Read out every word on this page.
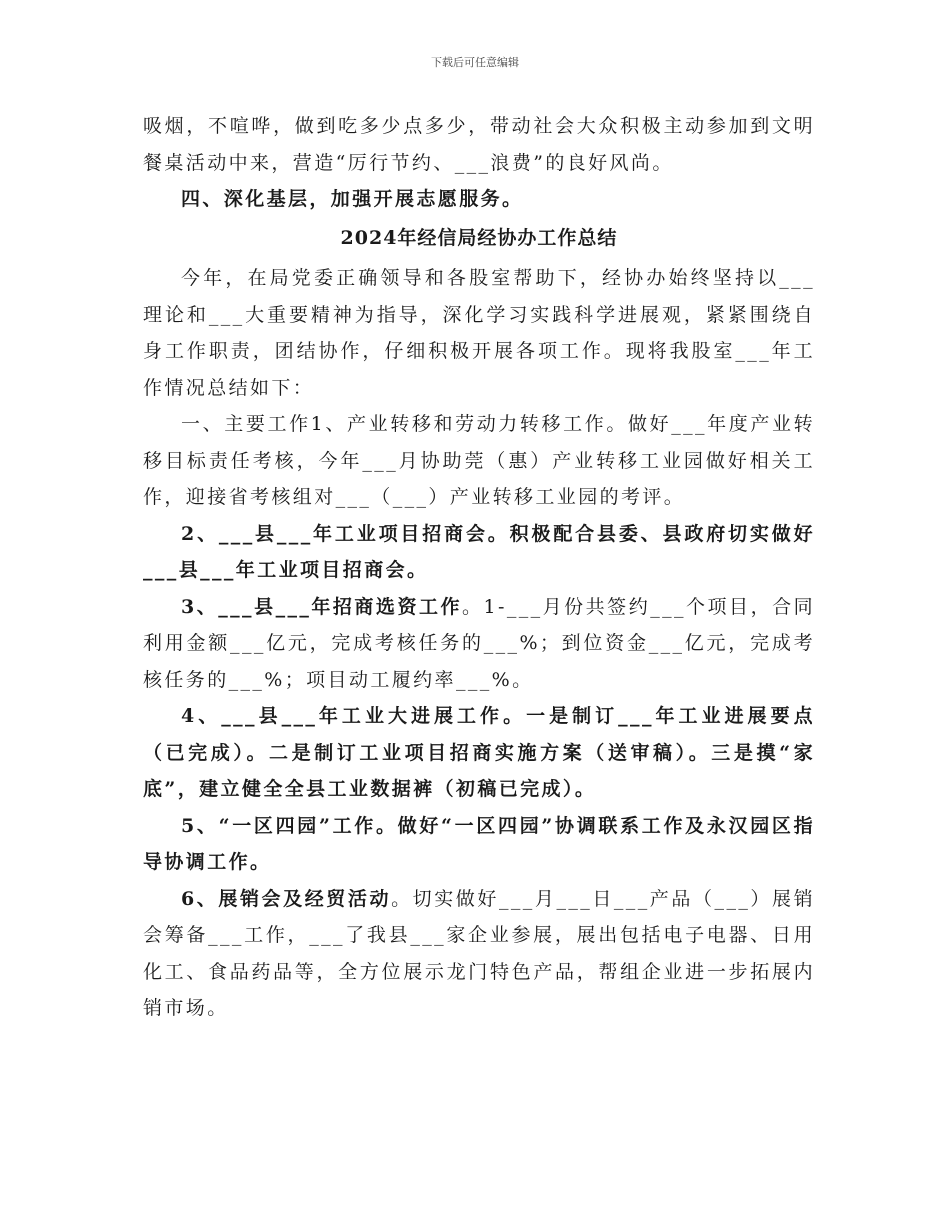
下载后可任意编辑

吸烟，不喧哗，做到吃多少点多少，带动社会大众积极主动参加到文明餐桌活动中来，营造“厉行节约、___浪费”的良好风尚。

四、深化基层，加强开展志愿服务。

2024年经信局经协办工作总结

今年，在局党委正确领导和各股室帮助下，经协办始终坚持以___理论和___大重要精神为指导，深化学习实践科学进展观，紧紧围绕自身工作职责，团结协作，仔细积极开展各项工作。现将我股室___年工作情况总结如下：

一、主要工作1、产业转移和劳动力转移工作。做好___年度产业转移目标责任考核，今年___月协助莞（惠）产业转移工业园做好相关工作，迎接省考核组对___（___）产业转移工业园的考评。

2、___县___年工业项目招商会。积极配合县委、县政府切实做好___县___年工业项目招商会。

3、___县___年招商选资工作。1-___月份共签约___个项目，合同利用金额___亿元，完成考核任务的___%；到位资金___亿元，完成考核任务的___%；项目动工履约率___%。

4、___县___年工业大进展工作。一是制订___年工业进展要点（已完成）。二是制订工业项目招商实施方案（送审稿）。三是摸“家底”，建立健全全县工业数据裤（初稿已完成）。

5、“一区四园”工作。做好“一区四园”协调联系工作及永汉园区指导协调工作。

6、展销会及经贸活动。切实做好___月___日___产品（___）展销会筹备___工作，___了我县___家企业参展，展出包括电子电器、日用化工、食品药品等，全方位展示龙门特色产品，帮组企业进一步拓展内销市场。
